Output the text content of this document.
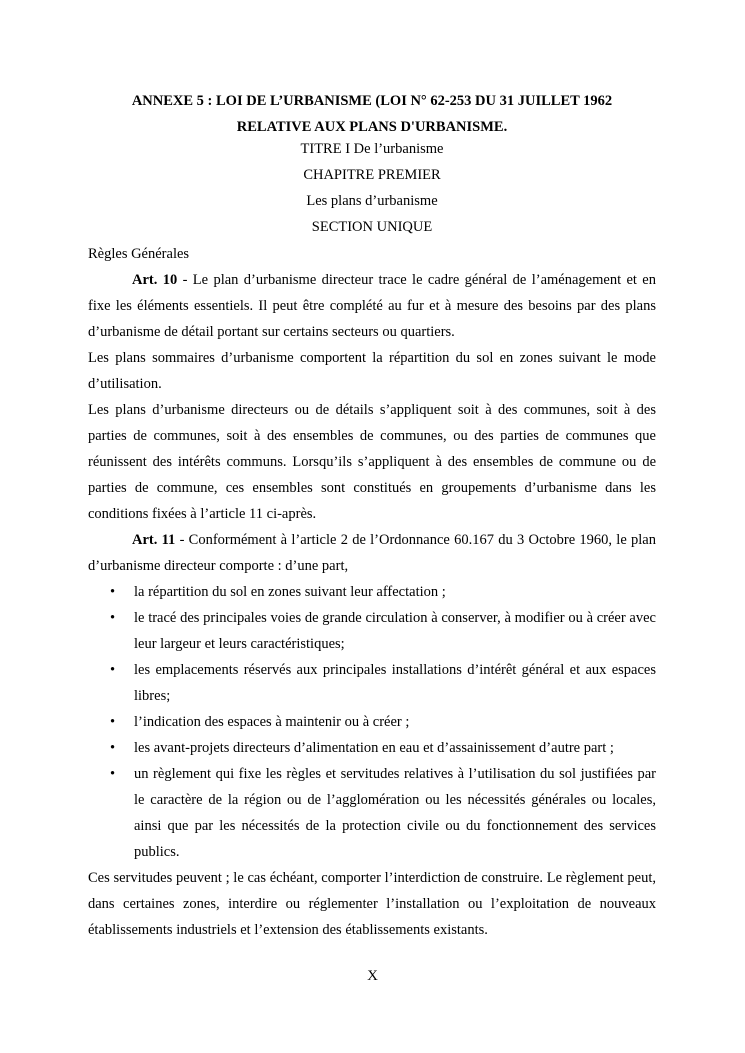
ANNEXE 5 : LOI DE L’URBANISME (LOI N° 62-253 DU 31 JUILLET 1962
RELATIVE AUX PLANS D'URBANISME.
TITRE I De l’urbanisme
CHAPITRE PREMIER
Les plans d’urbanisme
SECTION UNIQUE
Règles Générales
Art. 10 - Le plan d’urbanisme directeur trace le cadre général de l’aménagement et en fixe les éléments essentiels. Il peut être complété au fur et à mesure des besoins par des plans d’urbanisme de détail portant sur certains secteurs ou quartiers.
Les plans sommaires d’urbanisme comportent la répartition du sol en zones suivant le mode d’utilisation.
Les plans d’urbanisme directeurs ou de détails s’appliquent soit à des communes, soit à des parties de communes, soit à des ensembles de communes, ou des parties de communes que réunissent des intérêts communs. Lorsqu’ils s’appliquent à des ensembles de commune ou de parties de commune, ces ensembles sont constitués en groupements d’urbanisme dans les conditions fixées à l’article 11 ci-après.
Art. 11 - Conformément à l’article 2 de l’Ordonnance 60.167 du 3 Octobre 1960, le plan d’urbanisme directeur comporte : d’une part,
• la répartition du sol en zones suivant leur affectation ;
• le tracé des principales voies de grande circulation à conserver, à modifier ou à créer avec leur largeur et leurs caractéristiques;
• les emplacements réservés aux principales installations d’intérêt général et aux espaces libres;
• l’indication des espaces à maintenir ou à créer ;
• les avant-projets directeurs d’alimentation en eau et d’assainissement d’autre part ;
• un règlement qui fixe les règles et servitudes relatives à l’utilisation du sol justifiées par le caractère de la région ou de l’agglomération ou les nécessités générales ou locales, ainsi que par les nécessités de la protection civile ou du fonctionnement des services publics.
Ces servitudes peuvent ; le cas échéant, comporter l’interdiction de construire. Le règlement peut, dans certaines zones, interdire ou réglementer l’installation ou l’exploitation de nouveaux établissements industriels et l’extension des établissements existants.
X
